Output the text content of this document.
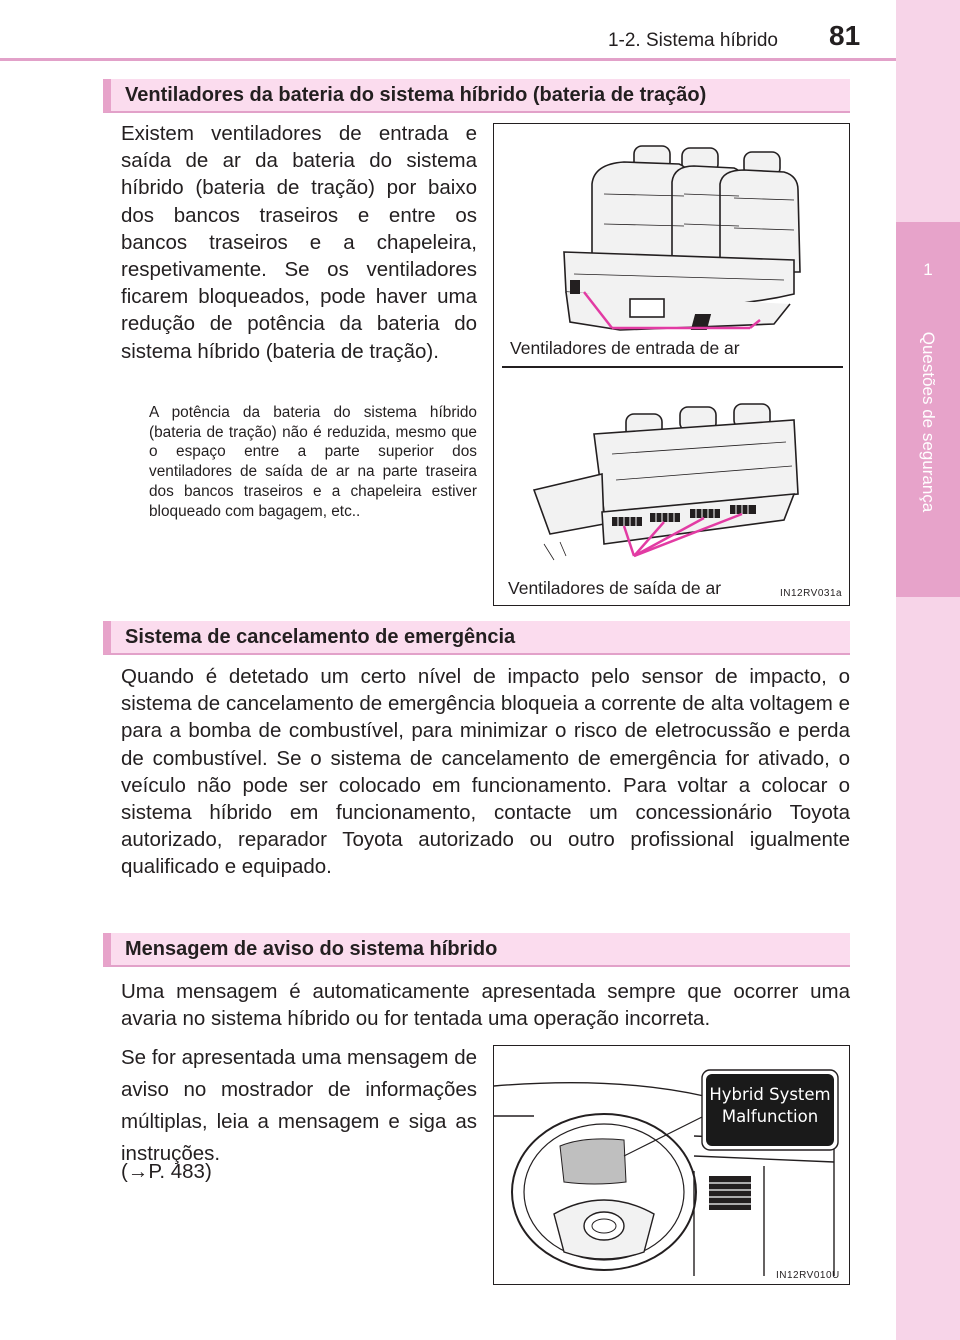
1-2. Sistema híbrido 81
1
Questões de segurança
Ventiladores da bateria do sistema híbrido (bateria de tração)
Existem ventiladores de entrada e saída de ar da bateria do sistema híbrido (bateria de tração) por baixo dos bancos traseiros e entre os bancos traseiros e a chapeleira, respetivamente. Se os ventiladores ficarem bloqueados, pode haver uma redução de potência da bateria do sistema híbrido (bateria de tração).
A potência da bateria do sistema híbrido (bateria de tração) não é reduzida, mesmo que o espaço entre a parte superior dos ventiladores de saída de ar na parte traseira dos bancos traseiros e a chapeleira estiver bloqueado com bagagem, etc..
Ventiladores de entrada de ar
Ventiladores de saída de ar	IN12RV031a
Sistema de cancelamento de emergência
Quando é detetado um certo nível de impacto pelo sensor de impacto, o sistema de cancelamento de emergência bloqueia a corrente de alta voltagem e para a bomba de combustível, para minimizar o risco de eletrocussão e perda de combustível. Se o sistema de cancelamento de emergência for ativado, o veículo não pode ser colocado em funcionamento. Para voltar a colocar o sistema híbrido em funcionamento, contacte um concessionário Toyota autorizado, reparador Toyota autorizado ou outro profissional igualmente qualificado e equipado.
Mensagem de aviso do sistema híbrido
Uma mensagem é automaticamente apresentada sempre que ocorrer uma avaria no sistema híbrido ou for tentada uma operação incorreta.
Se for apresentada uma mensagem de aviso no mostrador de informações múltiplas, leia a mensagem e siga as instruções.
(→P. 483)
Hybrid System
Malfunction
IN12RV010U
